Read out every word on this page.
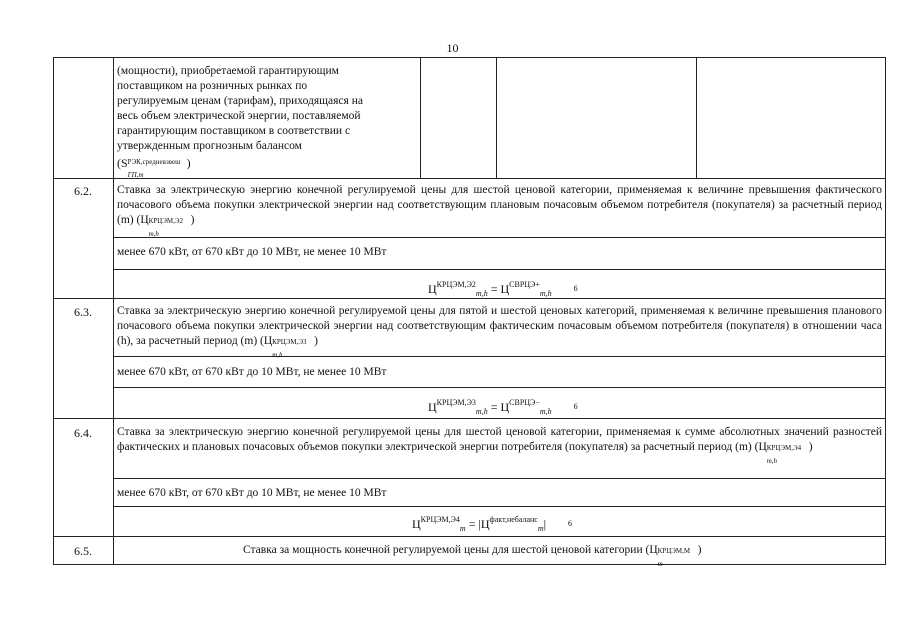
10
(мощности), приобретаемой гарантирующим
поставщиком на розничных рынках по
регулируемым ценам (тарифам), приходящаяся на
весь объем электрической энергии, поставляемой
гарантирующим поставщиком в соответствии с
утвержденным прогнозным балансом
(S РЭК,средневзвеш
ГП,m
)
6.2.	Ставка за электрическую энергию конечной регулируемой цены для шестой ценовой категории, применяемая к величине превышения фактического почасового объема покупки электрической энергии над соответствующим плановым почасовым объемом потребителя (покупателя) за расчетный период (m) (Ц КРЦЭМ,Э2
m,h
)
менее 670 кВт, от 670 кВт до 10 МВт, не менее 10 МВт
$Ц^{КРЦЭМ,Э2}_{m,h} = Ц^{СВРЦЭ+}_{m,h}6$
6.3.	Ставка за электрическую энергию конечной регулируемой цены для пятой и шестой ценовых категорий, применяемая к величине превышения планового почасового объема покупки электрической энергии над соответствующим фактическим почасовым объемом потребителя (покупателя) в отношении часа (h), за расчетный период (m) (Ц КРЦЭМ,Э3
m,h
)
менее 670 кВт, от 670 кВт до 10 МВт, не менее 10 МВт
$Ц^{КРЦЭМ,Э3}_{m,h} = Ц^{СВРЦЭ-}_{m,h}6$
6.4.	Ставка за электрическую энергию конечной регулируемой цены для шестой ценовой категории, применяемая к сумме абсолютных значений разностей фактических и плановых почасовых объемов покупки электрической энергии потребителя (покупателя) за расчетный период (m) (Ц КРЦЭМ,Э4
m,h
)
менее 670 кВт, от 670 кВт до 10 МВт, не менее 10 МВт
$Ц^{КРЦЭМ,Э4}_m = |Ц^{факт,небаланс}_m|$	6
6.5.	Ставка за мощность конечной регулируемой цены для шестой ценовой категории (Ц КРЦЭМ,М
m
)
